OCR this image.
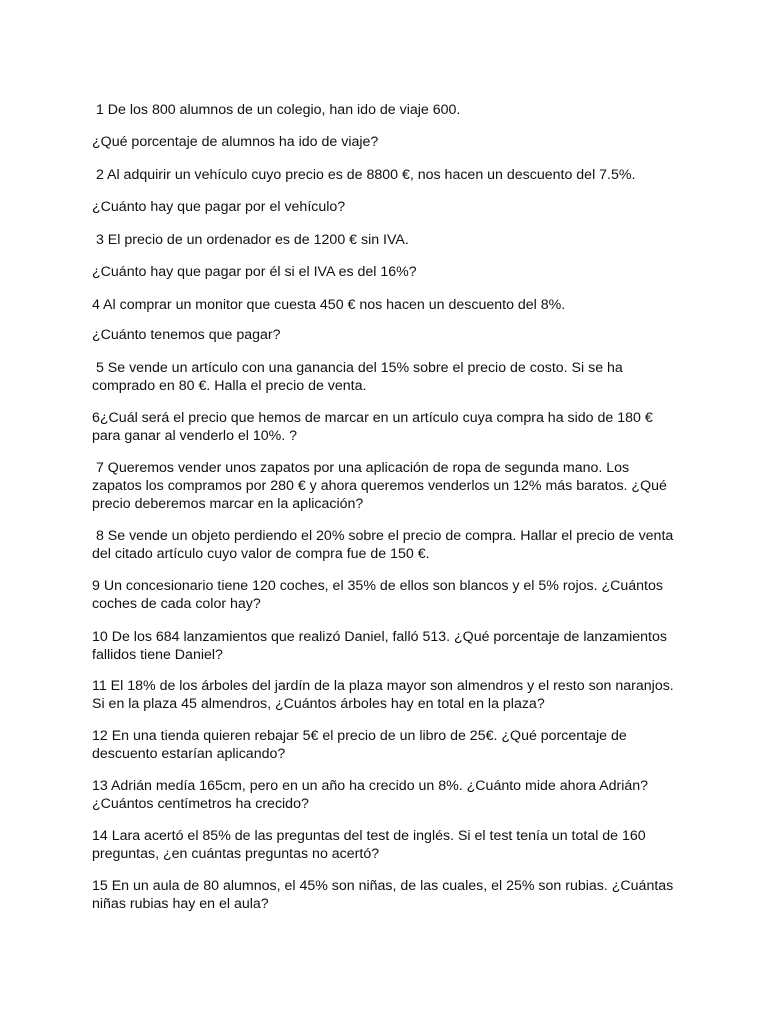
1 De los 800 alumnos de un colegio, han ido de viaje 600.

¿Qué porcentaje de alumnos ha ido de viaje?

2 Al adquirir un vehículo cuyo precio es de 8800 €, nos hacen un descuento del 7.5%.

¿Cuánto hay que pagar por el vehículo?

3 El precio de un ordenador es de 1200 € sin IVA.

¿Cuánto hay que pagar por él si el IVA es del 16%?

4 Al comprar un monitor que cuesta 450 € nos hacen un descuento del 8%.

¿Cuánto tenemos que pagar?

5 Se vende un artículo con una ganancia del 15% sobre el precio de costo. Si se ha
comprado en 80 €. Halla el precio de venta.

6¿Cuál será el precio que hemos de marcar en un artículo cuya compra ha sido de 180 €
para ganar al venderlo el 10%. ?

7 Queremos vender unos zapatos por una aplicación de ropa de segunda mano. Los
zapatos los compramos por 280 € y ahora queremos venderlos un 12% más baratos. ¿Qué
precio deberemos marcar en la aplicación?

8 Se vende un objeto perdiendo el 20% sobre el precio de compra. Hallar el precio de venta
del citado artículo cuyo valor de compra fue de 150 €.

9 Un concesionario tiene 120 coches, el 35% de ellos son blancos y el 5% rojos. ¿Cuántos
coches de cada color hay?

10 De los 684 lanzamientos que realizó Daniel, falló 513. ¿Qué porcentaje de lanzamientos
fallidos tiene Daniel?

11 El 18% de los árboles del jardín de la plaza mayor son almendros y el resto son naranjos.
Si en la plaza 45 almendros, ¿Cuántos árboles hay en total en la plaza?

12 En una tienda quieren rebajar 5€ el precio de un libro de 25€. ¿Qué porcentaje de
descuento estarían aplicando?

13 Adrián medía 165cm, pero en un año ha crecido un 8%. ¿Cuánto mide ahora Adrián?
¿Cuántos centímetros ha crecido?

14 Lara acertó el 85% de las preguntas del test de inglés. Si el test tenía un total de 160
preguntas, ¿en cuántas preguntas no acertó?

15 En un aula de 80 alumnos, el 45% son niñas, de las cuales, el 25% son rubias. ¿Cuántas
niñas rubias hay en el aula?
